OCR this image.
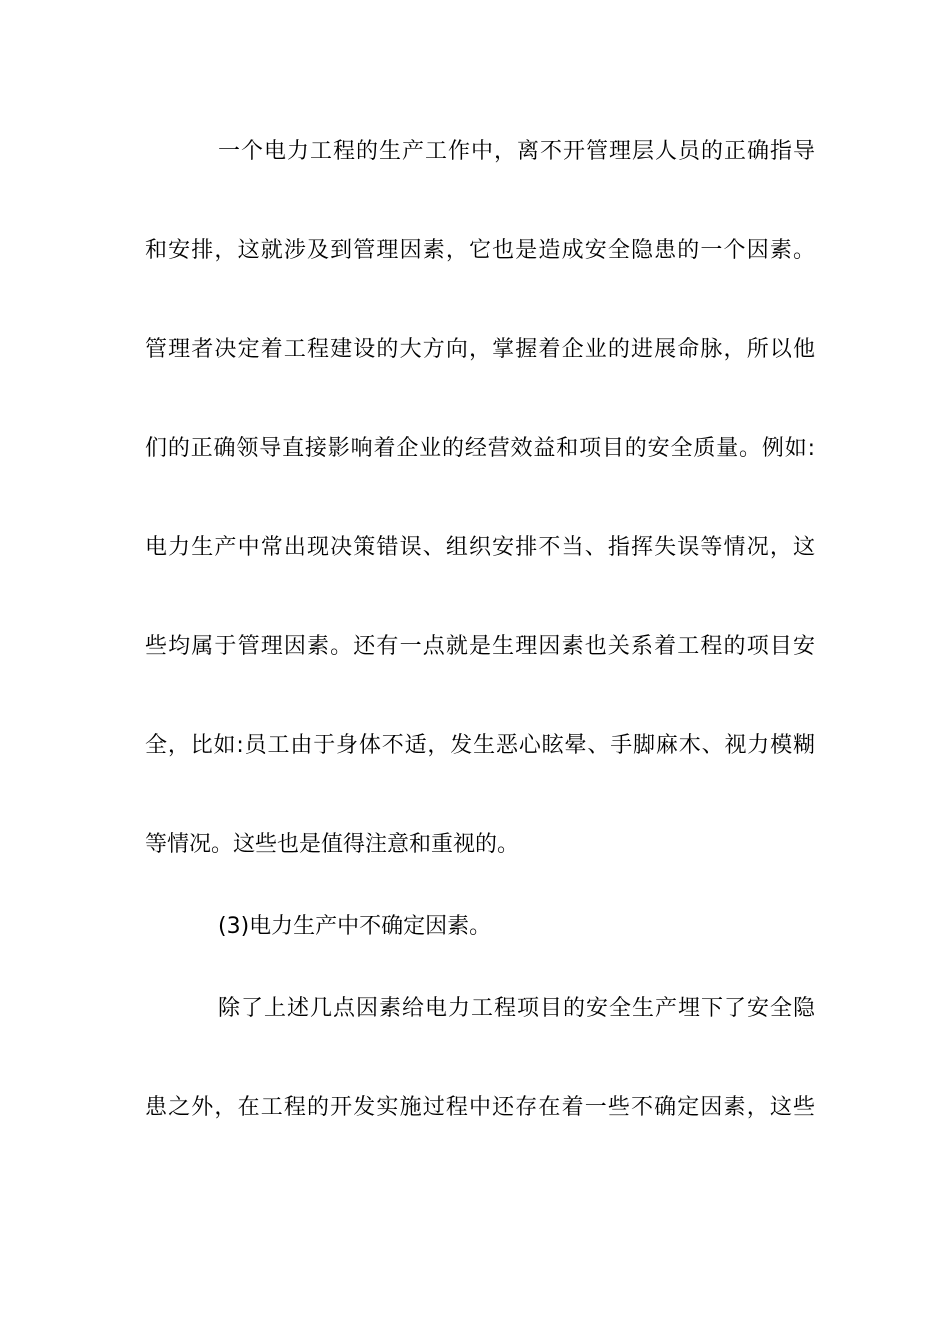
一个电力工程的生产工作中，离不开管理层人员的正确指导
和安排，这就涉及到管理因素，它也是造成安全隐患的一个因素。
管理者决定着工程建设的大方向，掌握着企业的进展命脉，所以他
们的正确领导直接影响着企业的经营效益和项目的安全质量。例如:
电力生产中常出现决策错误、组织安排不当、指挥失误等情况，这
些均属于管理因素。还有一点就是生理因素也关系着工程的项目安
全，比如:员工由于身体不适，发生恶心眩晕、手脚麻木、视力模糊
等情况。这些也是值得注意和重视的。
(3)电力生产中不确定因素。
除了上述几点因素给电力工程项目的安全生产埋下了安全隐
患之外，在工程的开发实施过程中还存在着一些不确定因素，这些
